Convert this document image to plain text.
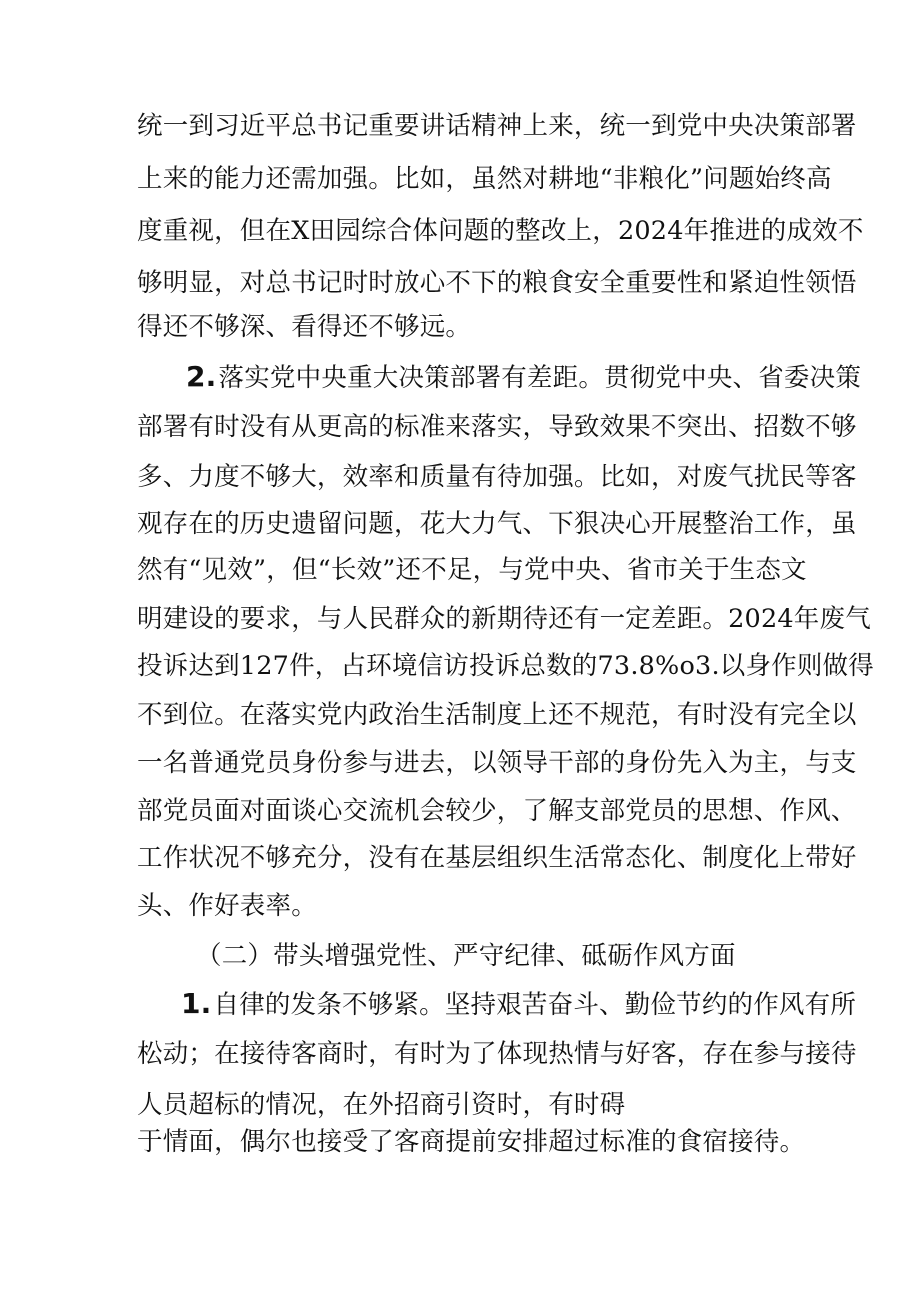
统一到习近平总书记重要讲话精神上来，统一到党中央决策部署
上来的能力还需加强。比如，虽然对耕地“非粮化”问题始终高
度重视，但在X田园综合体问题的整改上，2024年推进的成效不
够明显，对总书记时时放心不下的粮食安全重要性和紧迫性领悟
得还不够深、看得还不够远。
2.落实党中央重大决策部署有差距。贯彻党中央、省委决策
部署有时没有从更高的标准来落实，导致效果不突出、招数不够
多、力度不够大，效率和质量有待加强。比如，对废气扰民等客
观存在的历史遗留问题，花大力气、下狠决心开展整治工作，虽
然有“见效”，但“长效”还不足，与党中央、省市关于生态文
明建设的要求，与人民群众的新期待还有一定差距。2024年废气
投诉达到127件，占环境信访投诉总数的73.8%o3.以身作则做得
不到位。在落实党内政治生活制度上还不规范，有时没有完全以
一名普通党员身份参与进去，以领导干部的身份先入为主，与支
部党员面对面谈心交流机会较少，了解支部党员的思想、作风、
工作状况不够充分，没有在基层组织生活常态化、制度化上带好
头、作好表率。
（二）带头增强党性、严守纪律、砥砺作风方面
1.自律的发条不够紧。坚持艰苦奋斗、勤俭节约的作风有所
松动；在接待客商时，有时为了体现热情与好客，存在参与接待
人员超标的情况，在外招商引资时，有时碍
于情面，偶尔也接受了客商提前安排超过标准的食宿接待。
